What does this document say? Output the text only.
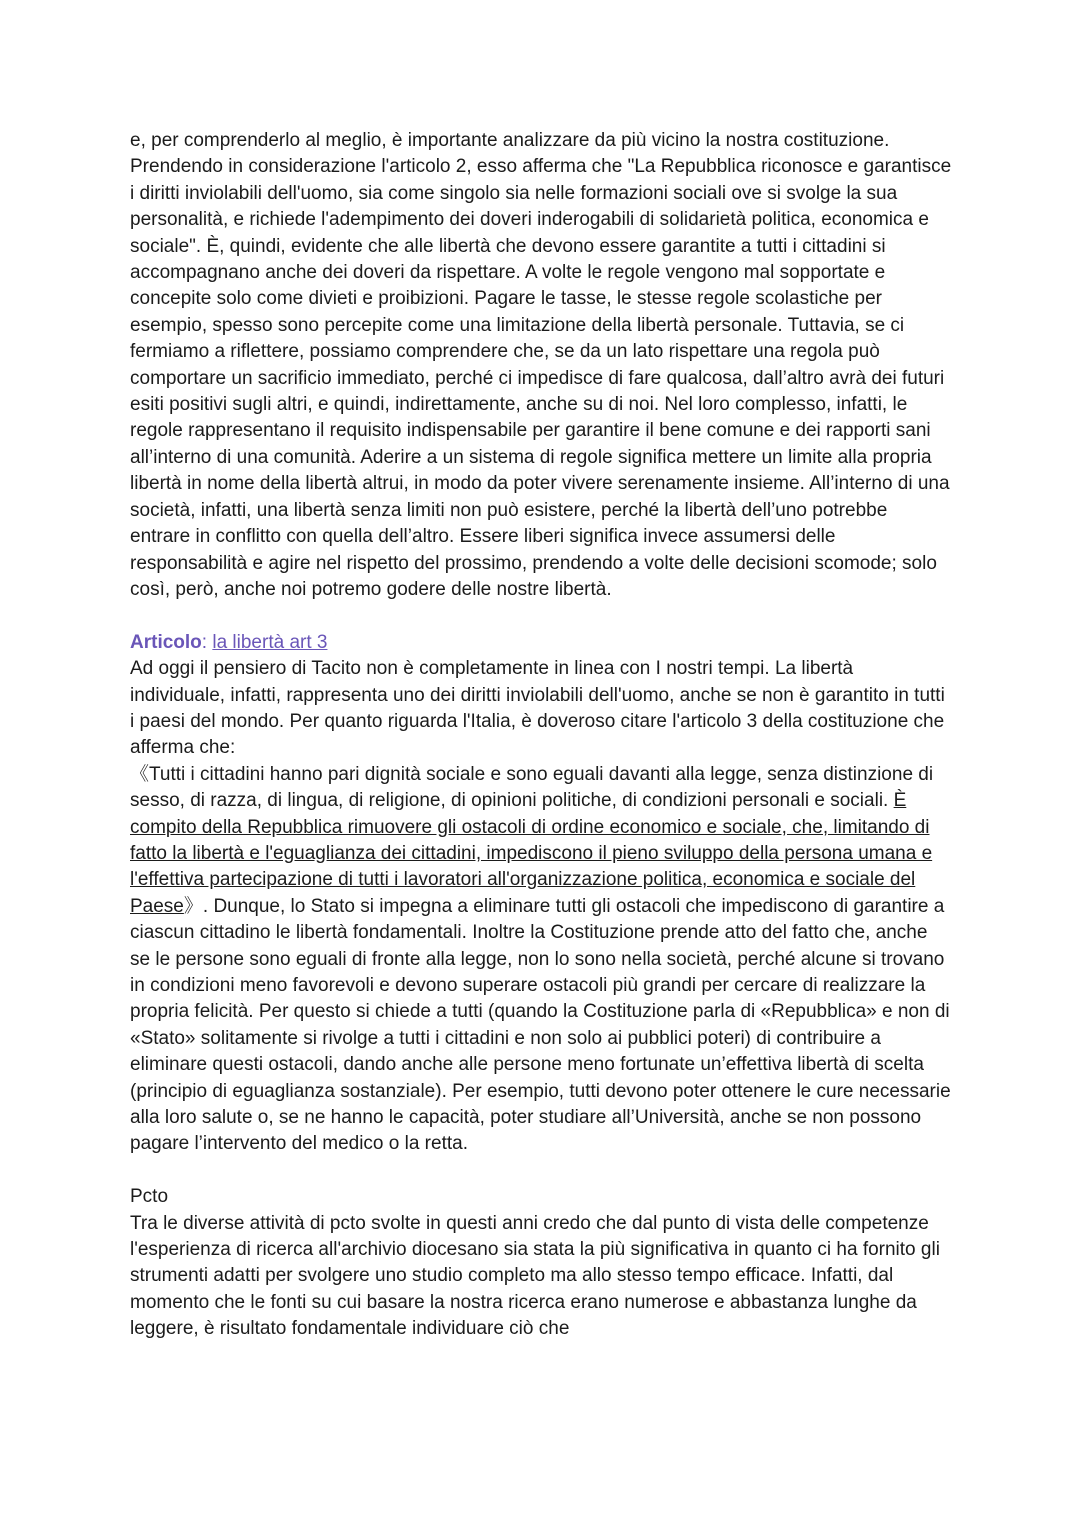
e, per comprenderlo al meglio, è importante analizzare da più vicino la nostra costituzione. Prendendo in considerazione l'articolo 2, esso afferma che "La Repubblica riconosce e garantisce i diritti inviolabili dell'uomo, sia come singolo sia nelle formazioni sociali ove si svolge la sua personalità, e richiede l'adempimento dei doveri inderogabili di solidarietà politica, economica e sociale". È, quindi, evidente che alle libertà che devono essere garantite a tutti i cittadini si accompagnano anche dei doveri da rispettare. A volte le regole vengono mal sopportate e concepite solo come divieti e proibizioni. Pagare le tasse, le stesse regole scolastiche per esempio, spesso sono percepite come una limitazione della libertà personale. Tuttavia, se ci fermiamo a riflettere, possiamo comprendere che, se da un lato rispettare una regola può comportare un sacrificio immediato, perché ci impedisce di fare qualcosa, dall’altro avrà dei futuri esiti positivi sugli altri, e quindi, indirettamente, anche su di noi. Nel loro complesso, infatti, le regole rappresentano il requisito indispensabile per garantire il bene comune e dei rapporti sani all’interno di una comunità. Aderire a un sistema di regole significa mettere un limite alla propria libertà in nome della libertà altrui, in modo da poter vivere serenamente insieme. All’interno di una società, infatti, una libertà senza limiti non può esistere, perché la libertà dell’uno potrebbe entrare in conflitto con quella dell’altro. Essere liberi significa invece assumersi delle responsabilità e agire nel rispetto del prossimo, prendendo a volte delle decisioni scomode; solo così, però, anche noi potremo godere delle nostre libertà.

Articolo: la libertà art 3

Ad oggi il pensiero di Tacito non è completamente in linea con I nostri tempi. La libertà individuale, infatti, rappresenta uno dei diritti inviolabili dell'uomo, anche se non è garantito in tutti i paesi del mondo. Per quanto riguarda l'Italia, è doveroso citare l'articolo 3 della costituzione che afferma che:

《Tutti i cittadini hanno pari dignità sociale e sono eguali davanti alla legge, senza distinzione di sesso, di razza, di lingua, di religione, di opinioni politiche, di condizioni personali e sociali. È compito della Repubblica rimuovere gli ostacoli di ordine economico e sociale, che, limitando di fatto la libertà e l'eguaglianza dei cittadini, impediscono il pieno sviluppo della persona umana e l'effettiva partecipazione di tutti i lavoratori all'organizzazione politica, economica e sociale del Paese》. Dunque, lo Stato si impegna a eliminare tutti gli ostacoli che impediscono di garantire a ciascun cittadino le libertà fondamentali. Inoltre la Costituzione prende atto del fatto che, anche se le persone sono eguali di fronte alla legge, non lo sono nella società, perché alcune si trovano in condizioni meno favorevoli e devono superare ostacoli più grandi per cercare di realizzare la propria felicità. Per questo si chiede a tutti (quando la Costituzione parla di «Repubblica» e non di «Stato» solitamente si rivolge a tutti i cittadini e non solo ai pubblici poteri) di contribuire a eliminare questi ostacoli, dando anche alle persone meno fortunate un’effettiva libertà di scelta (principio di eguaglianza sostanziale). Per esempio, tutti devono poter ottenere le cure necessarie alla loro salute o, se ne hanno le capacità, poter studiare all’Università, anche se non possono pagare l’intervento del medico o la retta.

Pcto

Tra le diverse attività di pcto svolte in questi anni credo che dal punto di vista delle competenze l'esperienza di ricerca all'archivio diocesano sia stata la più significativa in quanto ci ha fornito gli strumenti adatti per svolgere uno studio completo ma allo stesso tempo efficace. Infatti, dal momento che le fonti su cui basare la nostra ricerca erano numerose e abbastanza lunghe da leggere, è risultato fondamentale individuare ciò che
